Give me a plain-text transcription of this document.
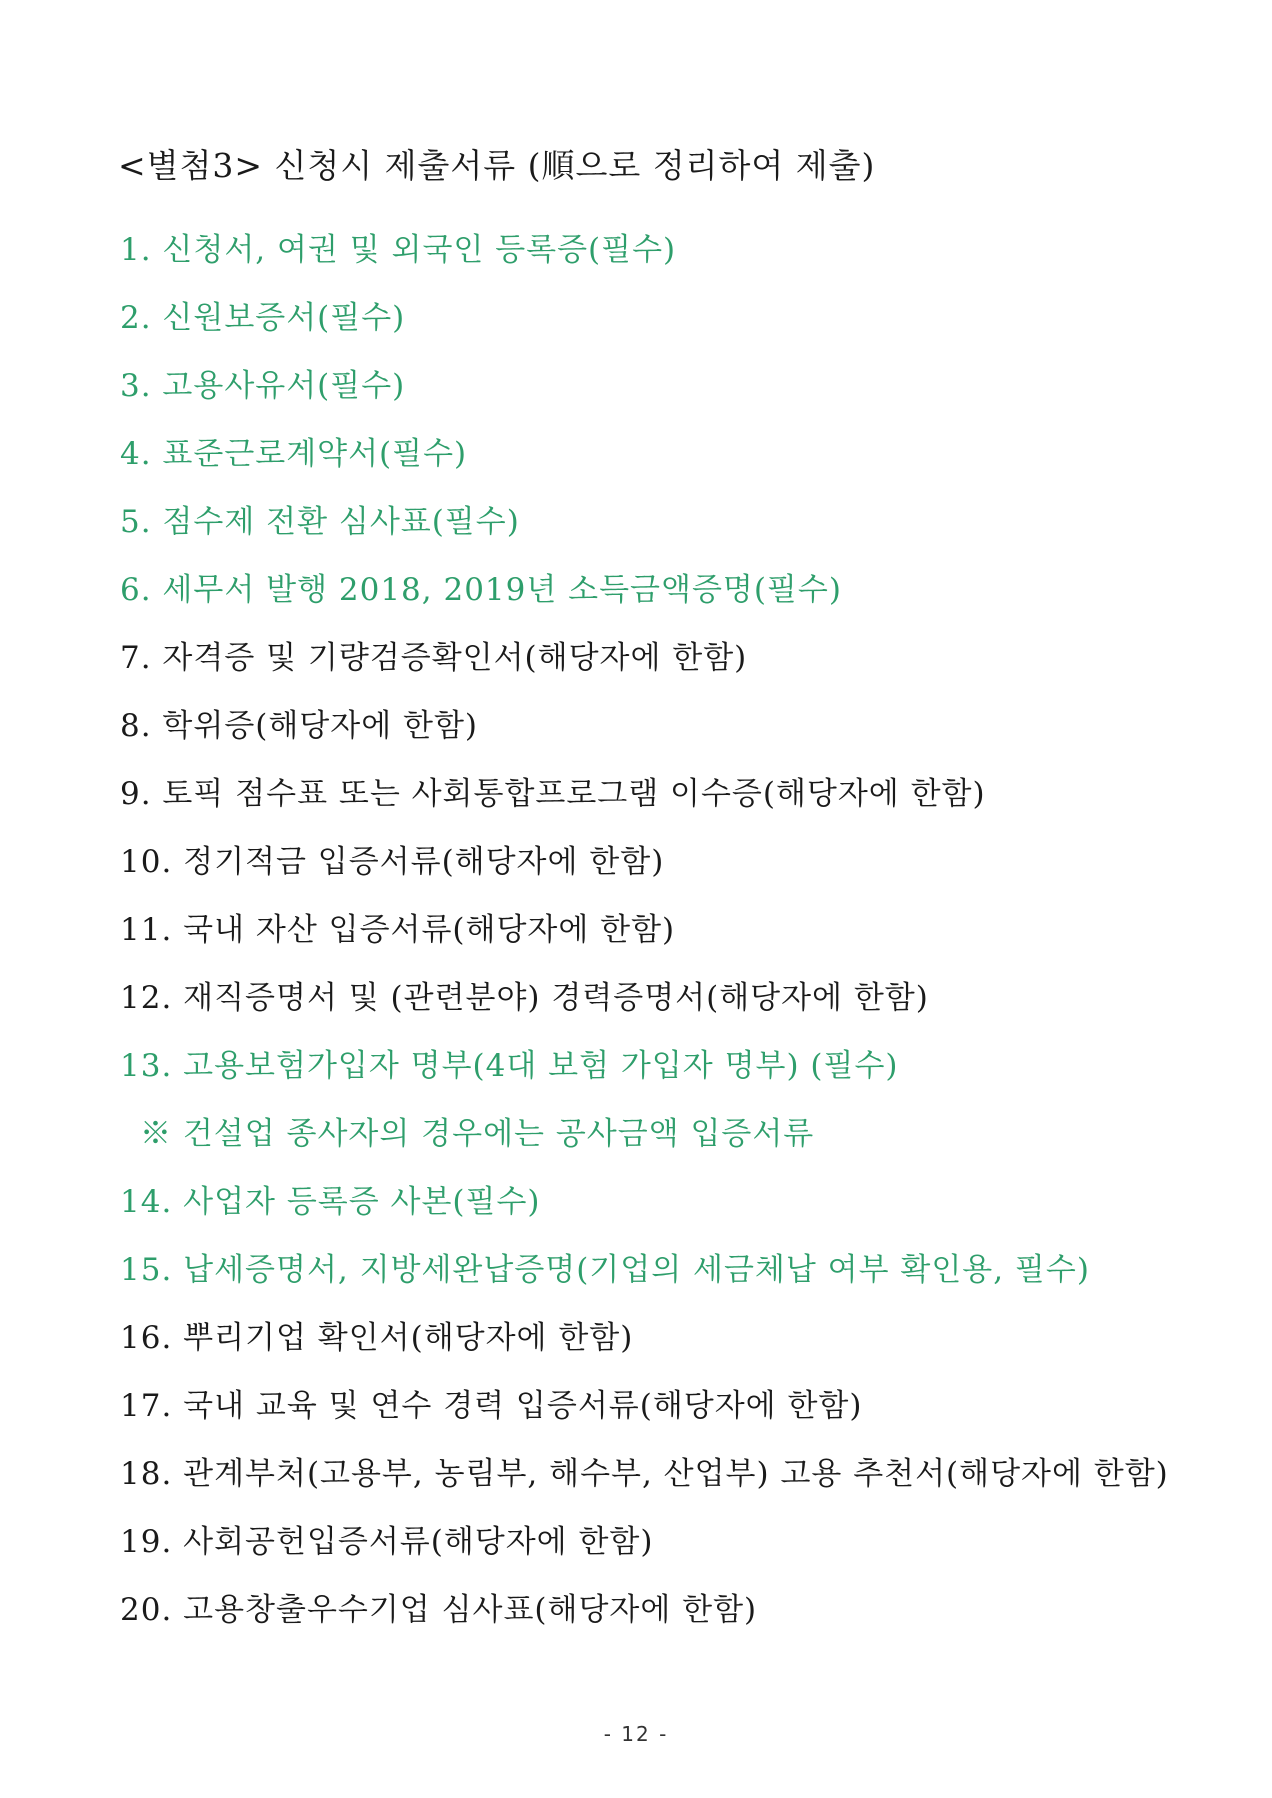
<별첨3> 신청시 제출서류 (順으로 정리하여 제출)
1. 신청서, 여권 및 외국인 등록증(필수)
2. 신원보증서(필수)
3. 고용사유서(필수)
4. 표준근로계약서(필수)
5. 점수제 전환 심사표(필수)
6. 세무서 발행 2018, 2019년 소득금액증명(필수)
7. 자격증 및 기량검증확인서(해당자에 한함)
8. 학위증(해당자에 한함)
9. 토픽 점수표 또는 사회통합프로그램 이수증(해당자에 한함)
10. 정기적금 입증서류(해당자에 한함)
11. 국내 자산 입증서류(해당자에 한함)
12. 재직증명서 및 (관련분야) 경력증명서(해당자에 한함)
13. 고용보험가입자 명부(4대 보험 가입자 명부) (필수)
※ 건설업 종사자의 경우에는 공사금액 입증서류
14. 사업자 등록증 사본(필수)
15. 납세증명서, 지방세완납증명(기업의 세금체납 여부 확인용, 필수)
16. 뿌리기업 확인서(해당자에 한함)
17. 국내 교육 및 연수 경력 입증서류(해당자에 한함)
18. 관계부처(고용부, 농림부, 해수부, 산업부) 고용 추천서(해당자에 한함)
19. 사회공헌입증서류(해당자에 한함)
20. 고용창출우수기업 심사표(해당자에 한함)
- 12 -
